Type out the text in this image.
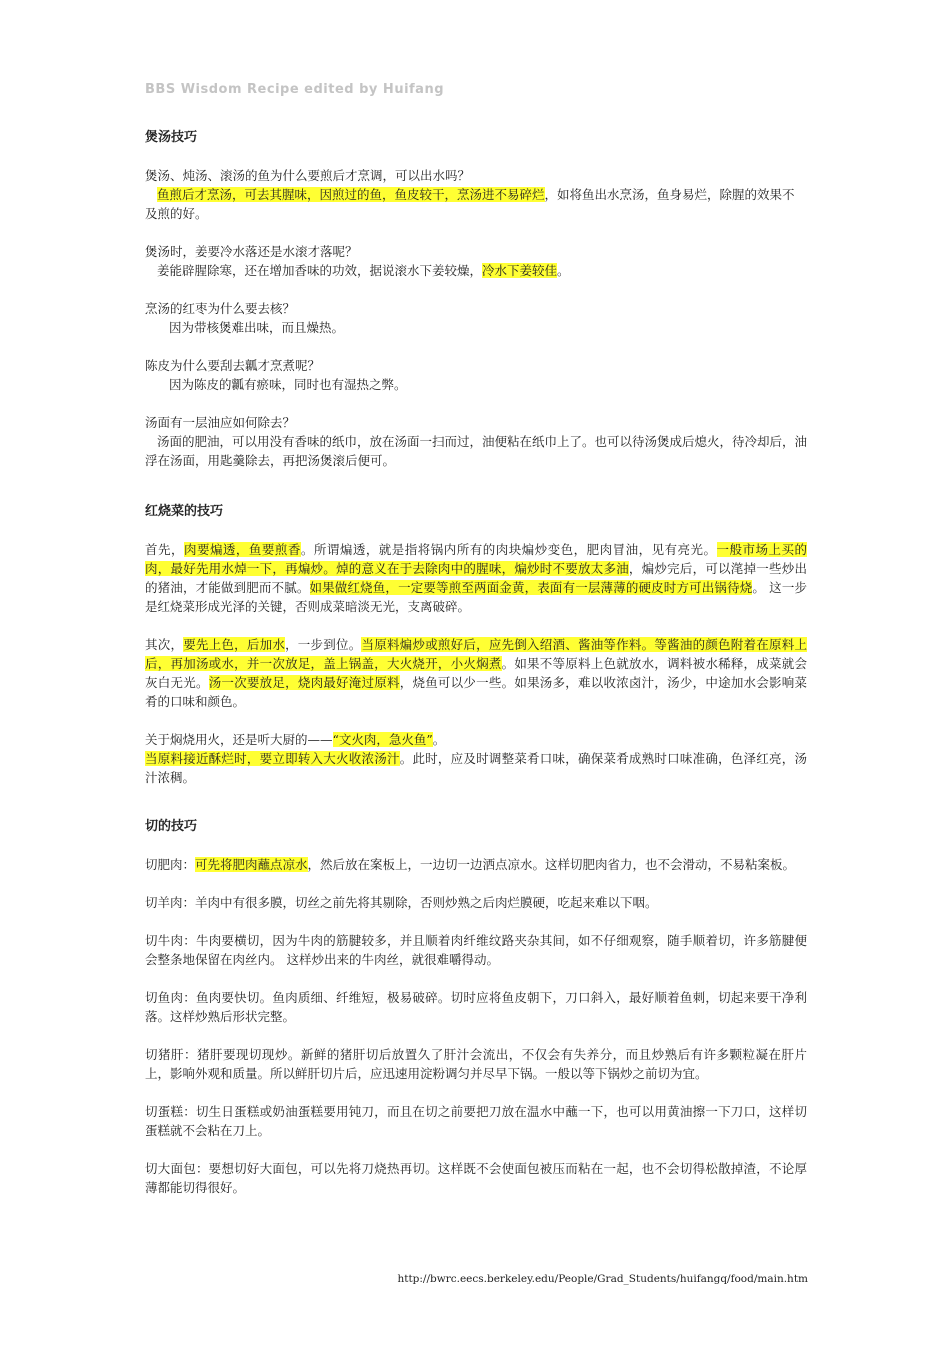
BBS Wisdom Recipe edited by Huifang
煲汤技巧

煲汤、炖汤、滚汤的鱼为什么要煎后才烹调，可以出水吗？

鱼煎后才烹汤，可去其腥味，因煎过的鱼，鱼皮较干，烹汤进不易碎烂，如将鱼出水烹汤，鱼身易烂，除腥的效果不及煎的好。

煲汤时，姜要冷水落还是水滚才落呢？

姜能辟腥除寒，还在增加香味的功效，据说滚水下姜较燥，冷水下姜较佳。

烹汤的红枣为什么要去核？

因为带核煲难出味，而且燥热。

陈皮为什么要刮去瓤才烹煮呢？

因为陈皮的瓤有瘀味，同时也有湿热之弊。

汤面有一层油应如何除去？

汤面的肥油，可以用没有香味的纸巾，放在汤面一扫而过，油便粘在纸巾上了。也可以待汤煲成后熄火，待冷却后，油浮在汤面，用匙羹除去，再把汤煲滚后便可。

红烧菜的技巧

首先，肉要煸透，鱼要煎香。所谓煸透，就是指将锅内所有的肉块煸炒变色，肥肉冒油，见有亮光。一般市场上买的肉，最好先用水焯一下，再煸炒。焯的意义在于去除肉中的腥味，煸炒时不要放太多油，煸炒完后，可以滗掉一些炒出的猪油，才能做到肥而不腻。如果做红烧鱼，一定要等煎至两面金黄，表面有一层薄薄的硬皮时方可出锅待烧。 这一步是红烧菜形成光泽的关键，否则成菜暗淡无光，支离破碎。

其次，要先上色，后加水，一步到位。当原料煸炒或煎好后，应先倒入绍酒、酱油等作料。等酱油的颜色附着在原料上后，再加汤或水，并一次放足，盖上锅盖，大火烧开，小火焖煮。如果不等原料上色就放水，调料被水稀释，成菜就会灰白无光。汤一次要放足，烧肉最好淹过原料，烧鱼可以少一些。如果汤多，难以收浓卤汁，汤少，中途加水会影响菜肴的口味和颜色。

关于焖烧用火，还是听大厨的——“文火肉，急火鱼”。
当原料接近酥烂时，要立即转入大火收浓汤汁。此时，应及时调整菜肴口味，确保菜肴成熟时口味准确，色泽红亮，汤汁浓稠。

切的技巧

切肥肉：可先将肥肉蘸点凉水，然后放在案板上，一边切一边洒点凉水。这样切肥肉省力，也不会滑动，不易粘案板。

切羊肉：羊肉中有很多膜，切丝之前先将其剔除，否则炒熟之后肉烂膜硬，吃起来难以下咽。

切牛肉：牛肉要横切，因为牛肉的筋腱较多，并且顺着肉纤维纹路夹杂其间，如不仔细观察，随手顺着切，许多筋腱便会整条地保留在肉丝内。 这样炒出来的牛肉丝，就很难嚼得动。

切鱼肉：鱼肉要快切。鱼肉质细、纤维短，极易破碎。切时应将鱼皮朝下，刀口斜入，最好顺着鱼刺，切起来要干净利落。这样炒熟后形状完整。

切猪肝：猪肝要现切现炒。新鲜的猪肝切后放置久了肝汁会流出，不仅会有失养分，而且炒熟后有许多颗粒凝在肝片上，影响外观和质量。所以鲜肝切片后，应迅速用淀粉调匀并尽早下锅。一般以等下锅炒之前切为宜。

切蛋糕：切生日蛋糕或奶油蛋糕要用钝刀，而且在切之前要把刀放在温水中蘸一下，也可以用黄油擦一下刀口，这样切蛋糕就不会粘在刀上。

切大面包：要想切好大面包，可以先将刀烧热再切。这样既不会使面包被压而粘在一起，也不会切得松散掉渣，不论厚薄都能切得很好。

http://bwrc.eecs.berkeley.edu/People/Grad_Students/huifangq/food/main.htm
